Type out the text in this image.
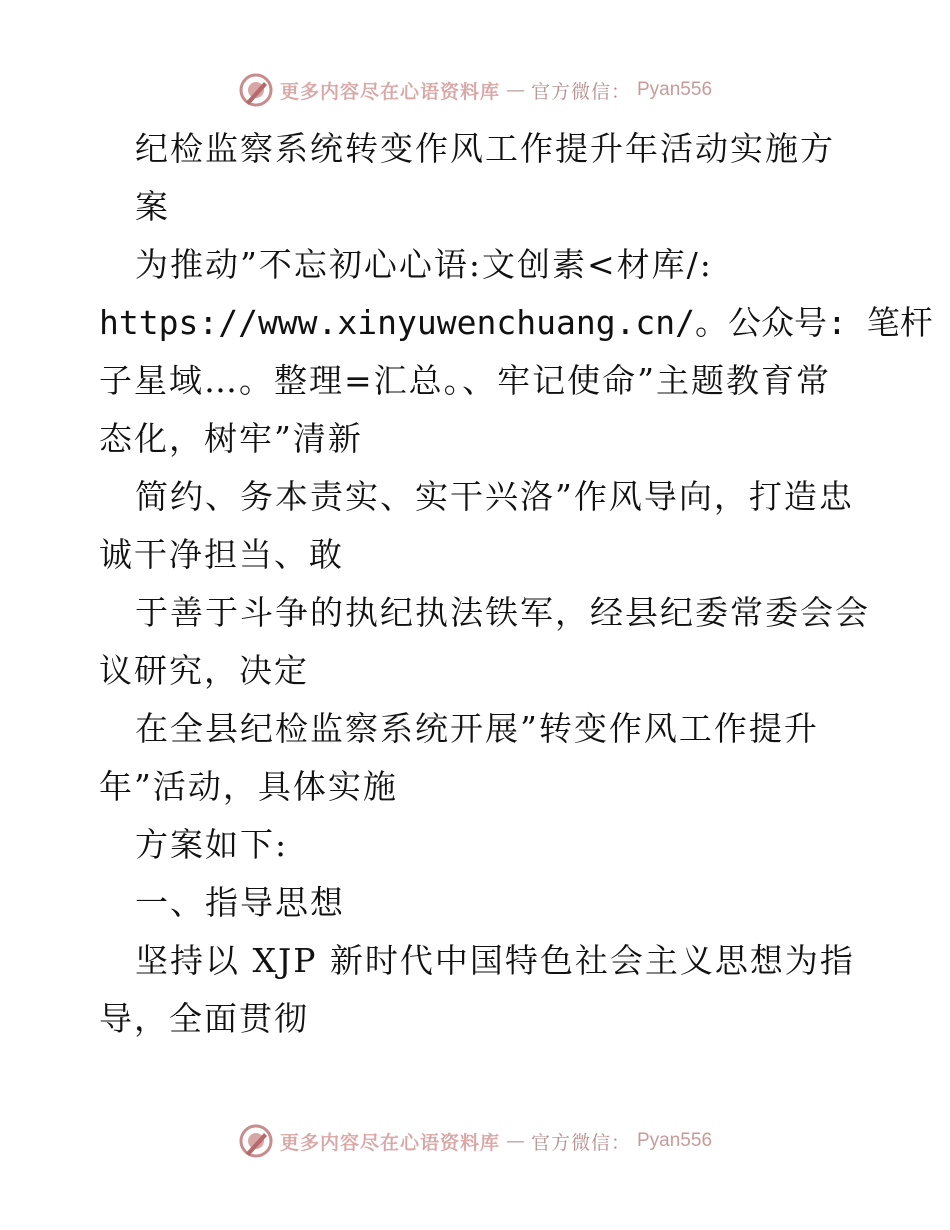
更多内容尽在心语资料库 — 官方微信： Pyan556
纪检监察系统转变作风工作提升年活动实施方
案
为推动”不忘初心心语:文创素<材库/:
https://www.xinyuwenchuang.cn/。公众号: 笔杆
子星域…。整理=汇总。、牢记使命”主题教育常
态化，树牢”清新
简约、务本责实、实干兴洛”作风导向，打造忠
诚干净担当、敢
于善于斗争的执纪执法铁军，经县纪委常委会会
议研究，决定
在全县纪检监察系统开展”转变作风工作提升
年”活动，具体实施
方案如下:
一、指导思想
坚持以 XJP 新时代中国特色社会主义思想为指
导，全面贯彻
更多内容尽在心语资料库 — 官方微信： Pyan556
